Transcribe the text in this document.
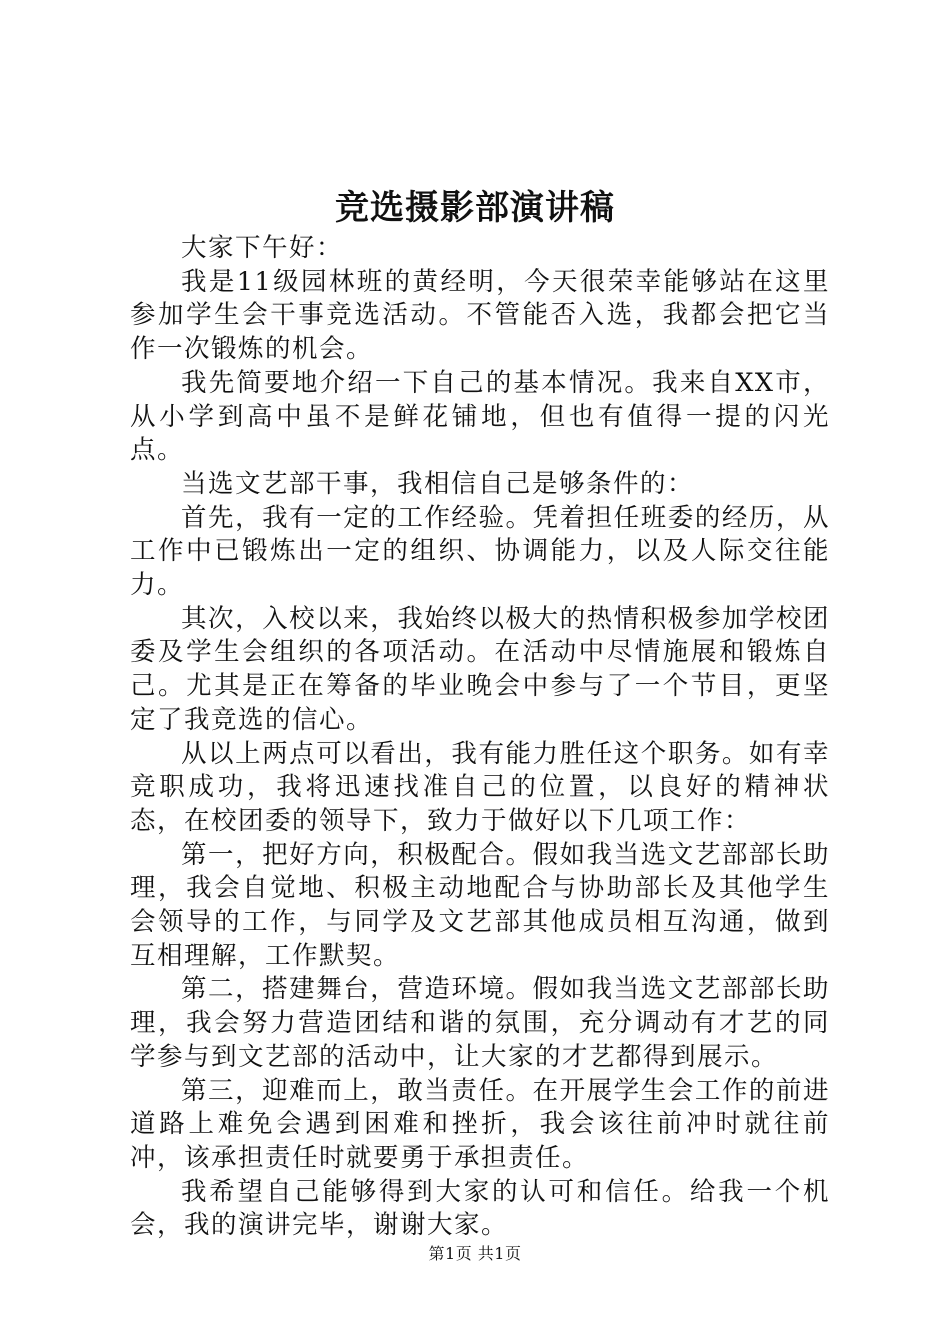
竞选摄影部演讲稿

大家下午好：

我是11级园林班的黄经明，今天很荣幸能够站在这里参加学生会干事竞选活动。不管能否入选，我都会把它当作一次锻炼的机会。

我先简要地介绍一下自己的基本情况。我来自XX市，从小学到高中虽不是鲜花铺地，但也有值得一提的闪光点。

当选文艺部干事，我相信自己是够条件的：

首先，我有一定的工作经验。凭着担任班委的经历，从工作中已锻炼出一定的组织、协调能力，以及人际交往能力。

其次，入校以来，我始终以极大的热情积极参加学校团委及学生会组织的各项活动。在活动中尽情施展和锻炼自己。尤其是正在筹备的毕业晚会中参与了一个节目，更坚定了我竞选的信心。

从以上两点可以看出，我有能力胜任这个职务。如有幸竞职成功，我将迅速找准自己的位置，以良好的精神状态，在校团委的领导下，致力于做好以下几项工作：

第一，把好方向，积极配合。假如我当选文艺部部长助理，我会自觉地、积极主动地配合与协助部长及其他学生会领导的工作，与同学及文艺部其他成员相互沟通，做到互相理解，工作默契。

第二，搭建舞台，营造环境。假如我当选文艺部部长助理，我会努力营造团结和谐的氛围，充分调动有才艺的同学参与到文艺部的活动中，让大家的才艺都得到展示。

第三，迎难而上，敢当责任。在开展学生会工作的前进道路上难免会遇到困难和挫折，我会该往前冲时就往前冲，该承担责任时就要勇于承担责任。

我希望自己能够得到大家的认可和信任。给我一个机会，我的演讲完毕，谢谢大家。

第1页 共1页
